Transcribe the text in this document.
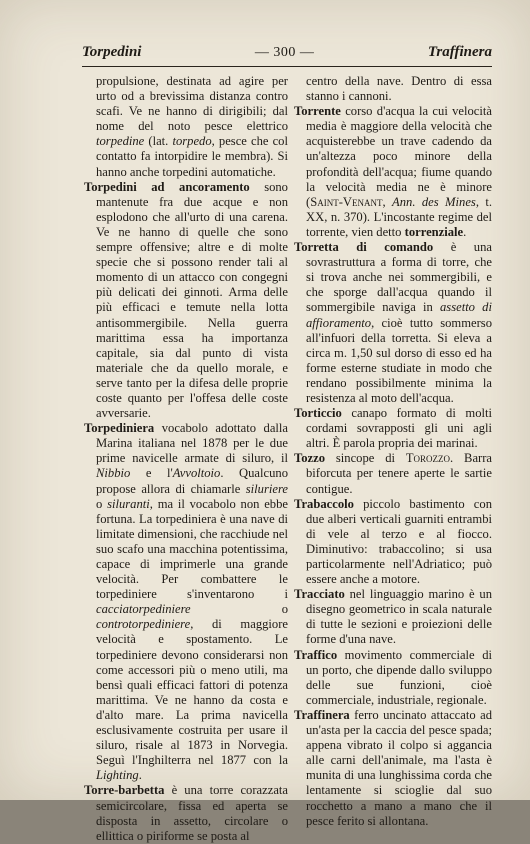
Torpedini	— 300 —	Traffinera

propulsione, destinata ad agire per urto od a brevissima distanza contro scafi. Ve ne hanno di dirigibili; dal nome del noto pesce elettrico torpedine (lat. torpedo, pesce che col contatto fa intorpidire le membra). Si hanno anche torpedini automatiche.

Torpedini ad ancoramento sono mantenute fra due acque e non esplodono che all'urto di una carena. Ve ne hanno di quelle che sono sempre offensive; altre e di molte specie che si possono render tali al momento di un attacco con congegni più delicati dei ginnoti. Arma delle più efficaci e temute nella lotta antisommergibile. Nella guerra marittima essa ha importanza capitale, sia dal punto di vista materiale che da quello morale, e serve tanto per la difesa delle proprie coste quanto per l'offesa delle coste avversarie.

Torpediniera vocabolo adottato dalla Marina italiana nel 1878 per le due prime navicelle armate di siluro, il Nibbio e l'Avvoltoio. Qualcuno propose allora di chiamarle siluriere o siluranti, ma il vocabolo non ebbe fortuna. La torpediniera è una nave di limitate dimensioni, che racchiude nel suo scafo una macchina potentissima, capace di imprimerle una grande velocità. Per combattere le torpediniere s'inventarono i cacciatorpediniere o controtorpediniere, di maggiore velocità e spostamento. Le torpediniere devono considerarsi non come accessori più o meno utili, ma bensì quali efficaci fattori di potenza marittima. Ve ne hanno da costa e d'alto mare. La prima navicella esclusivamente costruita per usare il siluro, risale al 1873 in Norvegia. Seguì l'Inghilterra nel 1877 con la Lighting.

Torre-barbetta è una torre corazzata semicircolare, fissa ed aperta se disposta in assetto, circolare o ellittica o piriforme se posta al

centro della nave. Dentro di essa stanno i cannoni.

Torrente corso d'acqua la cui velocità media è maggiore della velocità che acquisterebbe un trave cadendo da un'altezza poco minore della profondità dell'acqua; fiume quando la velocità media ne è minore (Saint-Venant, Ann. des Mines, t. XX, n. 370). L'incostante regime del torrente, vien detto torrenziale.

Torretta di comando è una sovrastruttura a forma di torre, che si trova anche nei sommergibili, e che sporge dall'acqua quando il sommergibile naviga in assetto di affioramento, cioè tutto sommerso all'infuori della torretta. Si eleva a circa m. 1,50 sul dorso di esso ed ha forme esterne studiate in modo che rendano possibilmente minima la resistenza al moto dell'acqua.

Torticcio canapo formato di molti cordami sovrapposti gli uni agli altri. È parola propria dei marinai.

Tozzo sincope di Torozzo. Barra biforcuta per tenere aperte le sartie contigue.

Trabaccolo piccolo bastimento con due alberi verticali guarniti entrambi di vele al terzo e al fiocco. Diminutivo: trabaccolino; si usa particolarmente nell'Adriatico; può essere anche a motore.

Tracciato nel linguaggio marino è un disegno geometrico in scala naturale di tutte le sezioni e proiezioni delle forme d'una nave.

Traffico movimento commerciale di un porto, che dipende dallo sviluppo delle sue funzioni, cioè commerciale, industriale, regionale.

Traffinera ferro uncinato attaccato ad un'asta per la caccia del pesce spada; appena vibrato il colpo si aggancia alle carni dell'animale, ma l'asta è munita di una lunghissima corda che lentamente si scioglie dal suo rocchetto a mano a mano che il pesce ferito si allontana.
